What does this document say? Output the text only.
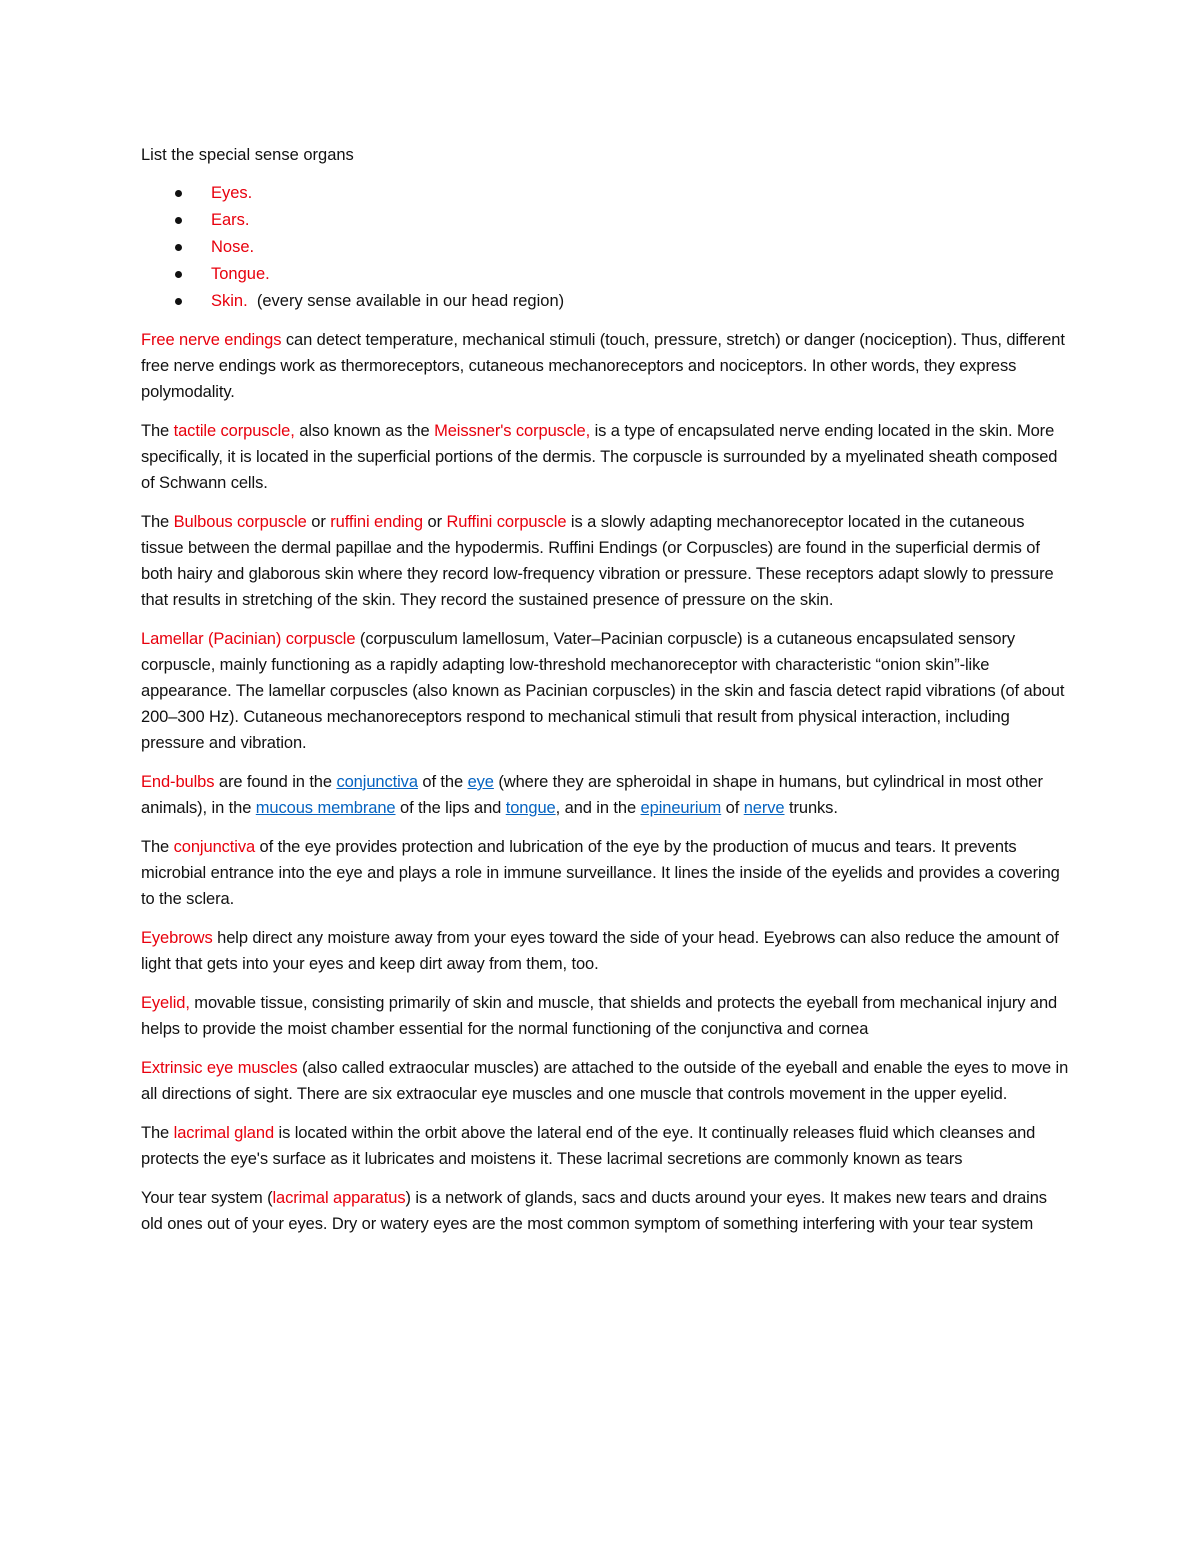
List the special sense organs

Eyes.
Ears.
Nose.
Tongue.
Skin.  (every sense available in our head region)

Free nerve endings can detect temperature, mechanical stimuli (touch, pressure, stretch) or danger (nociception). Thus, different free nerve endings work as thermoreceptors, cutaneous mechanoreceptors and nociceptors. In other words, they express polymodality.

The tactile corpuscle, also known as the Meissner's corpuscle, is a type of encapsulated nerve ending located in the skin. More specifically, it is located in the superficial portions of the dermis. The corpuscle is surrounded by a myelinated sheath composed of Schwann cells.

The Bulbous corpuscle or ruffini ending or Ruffini corpuscle is a slowly adapting mechanoreceptor located in the cutaneous tissue between the dermal papillae and the hypodermis. Ruffini Endings (or Corpuscles) are found in the superficial dermis of both hairy and glaborous skin where they record low-frequency vibration or pressure. These receptors adapt slowly to pressure that results in stretching of the skin. They record the sustained presence of pressure on the skin.

Lamellar (Pacinian) corpuscle (corpusculum lamellosum, Vater–Pacinian corpuscle) is a cutaneous encapsulated sensory corpuscle, mainly functioning as a rapidly adapting low-threshold mechanoreceptor with characteristic “onion skin”-like appearance. The lamellar corpuscles (also known as Pacinian corpuscles) in the skin and fascia detect rapid vibrations (of about 200–300 Hz). Cutaneous mechanoreceptors respond to mechanical stimuli that result from physical interaction, including pressure and vibration.

End-bulbs are found in the conjunctiva of the eye (where they are spheroidal in shape in humans, but cylindrical in most other animals), in the mucous membrane of the lips and tongue, and in the epineurium of nerve trunks.

The conjunctiva of the eye provides protection and lubrication of the eye by the production of mucus and tears. It prevents microbial entrance into the eye and plays a role in immune surveillance. It lines the inside of the eyelids and provides a covering to the sclera.

Eyebrows help direct any moisture away from your eyes toward the side of your head. Eyebrows can also reduce the amount of light that gets into your eyes and keep dirt away from them, too.

Eyelid, movable tissue, consisting primarily of skin and muscle, that shields and protects the eyeball from mechanical injury and helps to provide the moist chamber essential for the normal functioning of the conjunctiva and cornea

Extrinsic eye muscles (also called extraocular muscles) are attached to the outside of the eyeball and enable the eyes to move in all directions of sight. There are six extraocular eye muscles and one muscle that controls movement in the upper eyelid.

The lacrimal gland is located within the orbit above the lateral end of the eye. It continually releases fluid which cleanses and protects the eye's surface as it lubricates and moistens it. These lacrimal secretions are commonly known as tears

Your tear system (lacrimal apparatus) is a network of glands, sacs and ducts around your eyes. It makes new tears and drains old ones out of your eyes. Dry or watery eyes are the most common symptom of something interfering with your tear system
